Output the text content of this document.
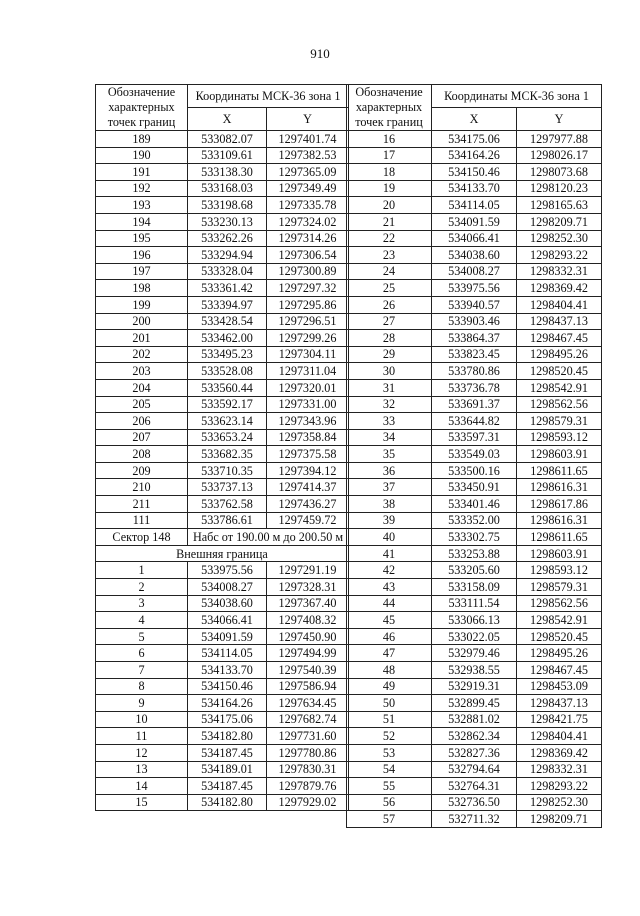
910
Обозначение характерных точек границ	Координаты МСК-36 зона 1	
	X	Y
189	533082.07	1297401.74
190	533109.61	1297382.53
191	533138.30	1297365.09
192	533168.03	1297349.49
193	533198.68	1297335.78
194	533230.13	1297324.02
195	533262.26	1297314.26
196	533294.94	1297306.54
197	533328.04	1297300.89
198	533361.42	1297297.32
199	533394.97	1297295.86
200	533428.54	1297296.51
201	533462.00	1297299.26
202	533495.23	1297304.11
203	533528.08	1297311.04
204	533560.44	1297320.01
205	533592.17	1297331.00
206	533623.14	1297343.96
207	533653.24	1297358.84
208	533682.35	1297375.58
209	533710.35	1297394.12
210	533737.13	1297414.37
211	533762.58	1297436.27
111	533786.61	1297459.72
Сектор 148	Набс от 190.00 м до 200.50 м	
Внешняя граница		
1	533975.56	1297291.19
2	534008.27	1297328.31
3	534038.60	1297367.40
4	534066.41	1297408.32
5	534091.59	1297450.90
6	534114.05	1297494.99
7	534133.70	1297540.39
8	534150.46	1297586.94
9	534164.26	1297634.45
10	534175.06	1297682.74
11	534182.80	1297731.60
12	534187.45	1297780.86
13	534189.01	1297830.31
14	534187.45	1297879.76
15	534182.80	1297929.02
Обозначение характерных точек границ	Координаты МСК-36 зона 1	
	X	Y
16	534175.06	1297977.88
17	534164.26	1298026.17
18	534150.46	1298073.68
19	534133.70	1298120.23
20	534114.05	1298165.63
21	534091.59	1298209.71
22	534066.41	1298252.30
23	534038.60	1298293.22
24	534008.27	1298332.31
25	533975.56	1298369.42
26	533940.57	1298404.41
27	533903.46	1298437.13
28	533864.37	1298467.45
29	533823.45	1298495.26
30	533780.86	1298520.45
31	533736.78	1298542.91
32	533691.37	1298562.56
33	533644.82	1298579.31
34	533597.31	1298593.12
35	533549.03	1298603.91
36	533500.16	1298611.65
37	533450.91	1298616.31
38	533401.46	1298617.86
39	533352.00	1298616.31
40	533302.75	1298611.65
41	533253.88	1298603.91
42	533205.60	1298593.12
43	533158.09	1298579.31
44	533111.54	1298562.56
45	533066.13	1298542.91
46	533022.05	1298520.45
47	532979.46	1298495.26
48	532938.55	1298467.45
49	532919.31	1298453.09
50	532899.45	1298437.13
51	532881.02	1298421.75
52	532862.34	1298404.41
53	532827.36	1298369.42
54	532794.64	1298332.31
55	532764.31	1298293.22
56	532736.50	1298252.30
57	532711.32	1298209.71
